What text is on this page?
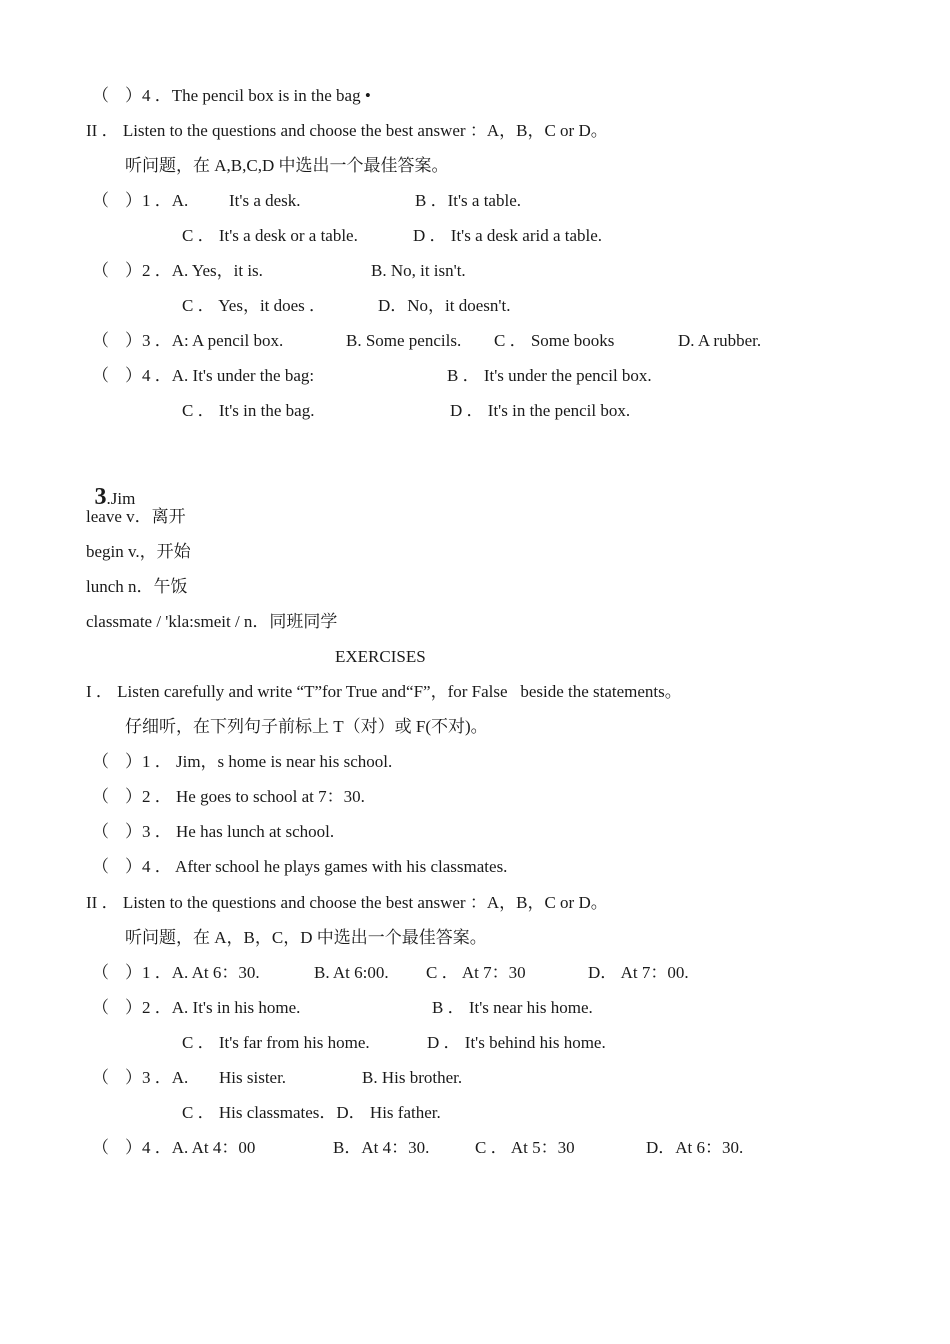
（ ）4 ．The pencil box is in the bag •
II ． Listen to the questions and choose the best answer ：A，B，C or D。
听问题，在 A,B,C,D 中选出一个最佳答案。
（ ）1 ．A. It's a desk.	B ．It's a table.
C ． It's a desk or a table.	D ． It's a desk arid a table.
（ ）2 ．A. Yes，it is.	B. No, it isn't.
C ． Yes，it does ．	D．No，it doesn't.
（ ）3 ．A: A pencil box.	B. Some pencils. C ． Some books	D. A rubber.
（ ）4 ．A. It's under the bag:	B ． It's under the pencil box.
C ． It's in the bag.	D ． It's in the pencil box.

3.Jim

leave v．离开
begin v.，开始
lunch n．午饭
classmate / 'kla:smeit / n．同班同学
EXERCISES
I ． Listen carefully and write “T”for True and“F”，for False   beside the statements。
仔细听，在下列句子前标上 T（对）或 F(不对)。
（ ）1 ． Jim，s home is near his school.
（ ）2 ． He goes to school at 7：30.
（ ）3 ． He has lunch at school.
（ ）4 ． After school he plays games with his classmates.
II ． Listen to the questions and choose the best answer ：A，B，C or D。
听问题，在 A，B，C，D 中选出一个最佳答案。
（ ）1 ．A. At 6：30.	B. At 6:00. C ． At 7：30	D． At 7：00.
（ ）2 ．A. It's in his home.	B ． It's near his home.
C ． It's far from his home.	D ． It's behind his home.
（ ）3 ．A. His sister.	B. His brother.
C ． His classmates．D． His father.
（ ）4 ．A. At 4：00	B．At 4：30.	C ． At 5：30	D．At 6：30.
